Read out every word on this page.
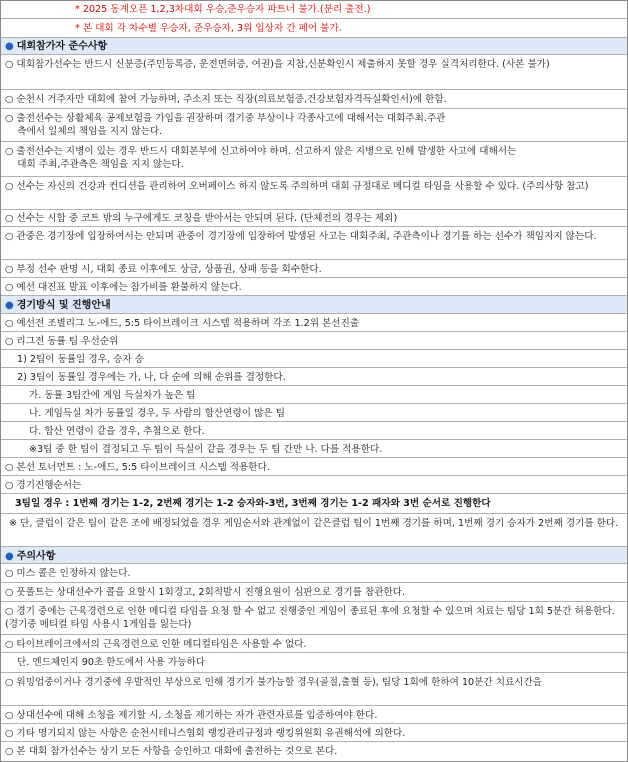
* 2025 동계오픈 1,2,3차대회 우승,준우승자 파트너 불가.(분리 출전.)
* 본 대회 각 차수별 우승자, 준우승자, 3위 입상자 간 페어 불가.
● 대회참가자 준수사항
○ 대회참가선수는 반드시 신분증(주민등록증, 운전면허증, 여권)을 지참,신분확인시 제출하지 못할 경우 실격처리한다. (사본 불가)
○ 순천시 거주자만 대회에 참여 가능하며, 주소지 또는 직장(의료보험증,건강보험자격득실확인서)에 한함.
○ 출전선수는 상활체육 공제보험을 가입을 권장하며 경기중 부상이나 각종사고에 대해서는 대회주최.주관
측에서 일체의 책임을 지지 않는다.
○ 출전선수는 지병이 있는 경우 반드시 대회본부에 신고하여야 하며. 신고하지 않은 지병으로 인해 발생한 사고에 대해서는
대회 주최,주관측은 책임을 지지 않는다.
○ 선수는 자신의 건강과 컨디션을 관리하여 오버페이스 하지 않도록 주의하며 대회 규정대로 메디컬 타임을 사용할 수 있다. (주의사항 참고)
○ 선수는 시합 중 코트 밖의 누구에게도 코칭을 받아서는 안되며 된다. (단체전의 경우는 제외)
○ 관중은 경기장에 입장하여서는 안되며 관중이 경기장에 입장하여 발생된 사고는 대회주최, 주관측이나 경기를 하는 선수가 책임지지 않는다.
○ 부정 선수 판명 시, 대회 종료 이후에도 상금, 상품권, 상패 등을 회수한다.
○ 예선 대진표 발표 이후에는 참가비를 환불하지 않는다.
● 경기방식 및 진행안내
○ 예선전 조별리그 노-에드, 5:5 타이브레이크 시스템 적용하며 각조 1.2위 본선진출
○ 리그전 동률 팀 우선순위
1) 2팀이 동률일 경우, 승자 승
2) 3팀이 동률일 경우에는 가, 나, 다 순에 의해 순위를 결정한다.
가. 동률 3팀간에 게임 득실차가 높은 팀
나. 게임득실 차가 동률일 경우, 두 사람의 합산연령이 많은 팀
다. 합산 연령이 같을 경우, 추첨으로 한다.
※3팀 중 한 팀이 결정되고 두 팀이 득실이 같을 경우는 두 팀 간만 나. 다를 적용한다.
○ 본선 토너먼트 : 노-애드, 5:5 타이브레이크 시스템 적용한다.
○ 경기진행순서는
3팀일 경우 : 1번째 경기는 1-2, 2번째 경기는 1-2 승자와-3번, 3번째 경기는 1-2 패자와 3번 순서로 진행한다
※ 단, 클럽이 같은 팀이 같은 조에 배정되었을 경우 게임순서와 관계없이 같은클럽 팀이 1번째 경기를 하며, 1번째 경기 승자가 2번째 경기를 한다.
● 주의사항
○ 미스 콜은 인정하지 않는다.
○ 풋폴트는 상대선수가 콜을 요할시 1회경고, 2회적발시 진행요원이 심판으로 경기를 참관한다.
○ 경기 중에는 근육경련으로 인한 메디컬 타임을 요청 할 수 없고 진행중인 게임이 종료된 후에 요청할 수 있으며 치료는 팀당 1회 5분간 허용한다. (경기중 메티컬 타임 사용시 1게임을 잃는다)
○ 타이브레이크에서의 근육경련으로 인한 메디컬타임은 사용할 수 없다.
단. 엔드체인지 90초 한도에서 사용 가능하다
○ 워밍업중이거나 경기중에 우발적인 부상으로 인해 경기가 불가능할 경우(골절,출혈 등), 팀당 1회에 한하여 10분간 치료시간을
○ 상대선수에 대해 소청을 제기할 시, 소청을 제기하는 자가 관련자료를 입증하여야 한다.
○ 기타 명기되지 않는 사항은 순천시테니스협회 랭킹관리규정과 랭킹위원회 유권해석에 의한다.
○ 본 대회 참가선수는 상기 모든 사항을 승인하고 대회에 출전하는 것으로 본다.
